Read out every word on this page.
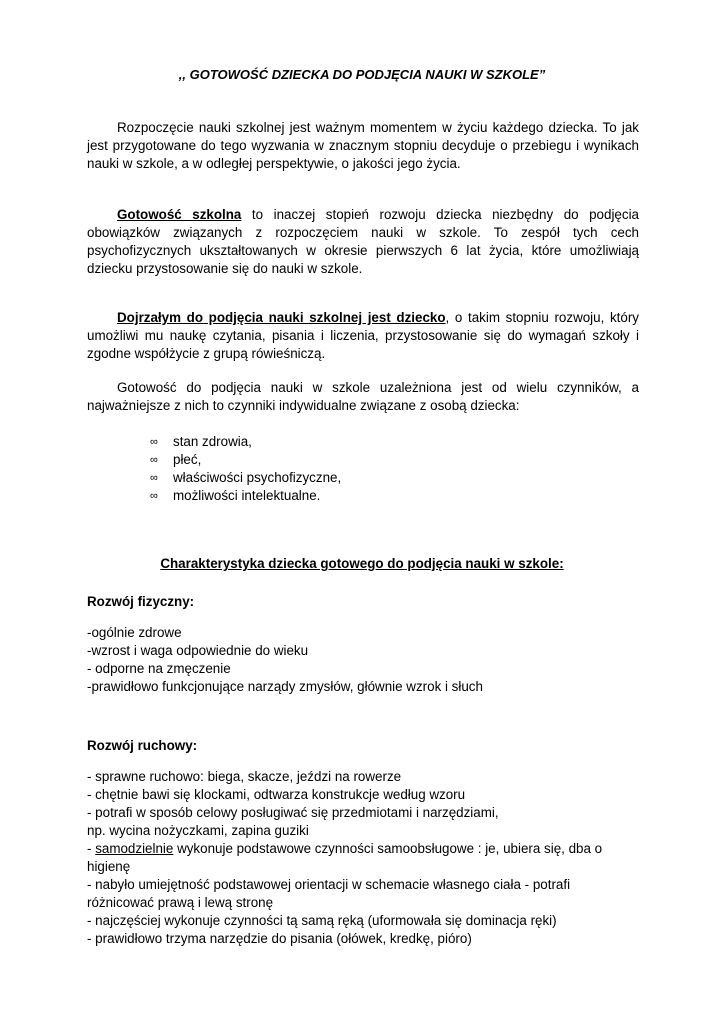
,, GOTOWOŚĆ DZIECKA DO PODJĘCIA NAUKI W SZKOLE”
Rozpoczęcie nauki szkolnej jest ważnym momentem w życiu każdego dziecka. To jak jest przygotowane do tego wyzwania w znacznym stopniu decyduje o przebiegu i wynikach nauki w szkole, a w odległej perspektywie, o jakości jego życia.
Gotowość szkolna to inaczej stopień rozwoju dziecka niezbędny do podjęcia obowiązków związanych z rozpoczęciem nauki w szkole. To zespół tych cech psychofizycznych ukształtowanych w okresie pierwszych 6 lat życia, które umożliwiają dziecku przystosowanie się do nauki w szkole.
Dojrzałym do podjęcia nauki szkolnej jest dziecko, o takim stopniu rozwoju, który umożliwi mu naukę czytania, pisania i liczenia, przystosowanie się do wymagań szkoły i zgodne współżycie z grupą rówieśniczą.
Gotowość do podjęcia nauki w szkole uzależniona jest od wielu czynników, a najważniejsze z nich to czynniki indywidualne związane z osobą dziecka:
∞ stan zdrowia,
∞ płeć,
∞ właściwości psychofizyczne,
∞ możliwości intelektualne.
Charakterystyka dziecka gotowego do podjęcia nauki w szkole:
Rozwój fizyczny:
-ogólnie zdrowe
-wzrost i waga odpowiednie do wieku
- odporne na zmęczenie
-prawidłowo funkcjonujące narządy zmysłów, głównie wzrok i słuch
Rozwój ruchowy:
- sprawne ruchowo: biega, skacze, jeździ na rowerze
- chętnie bawi się klockami, odtwarza konstrukcje według wzoru
- potrafi w sposób celowy posługiwać się przedmiotami i narzędziami,
np. wycina nożyczkami, zapina guziki
- samodzielnie wykonuje podstawowe czynności samoobsługowe : je, ubiera się, dba o
higienę
- nabyło umiejętność podstawowej orientacji w schemacie własnego ciała - potrafi
różnicować prawą i lewą stronę
- najczęściej wykonuje czynności tą samą ręką (uformowała się dominacja ręki)
- prawidłowo trzyma narzędzie do pisania (ołówek, kredkę, pióro)
